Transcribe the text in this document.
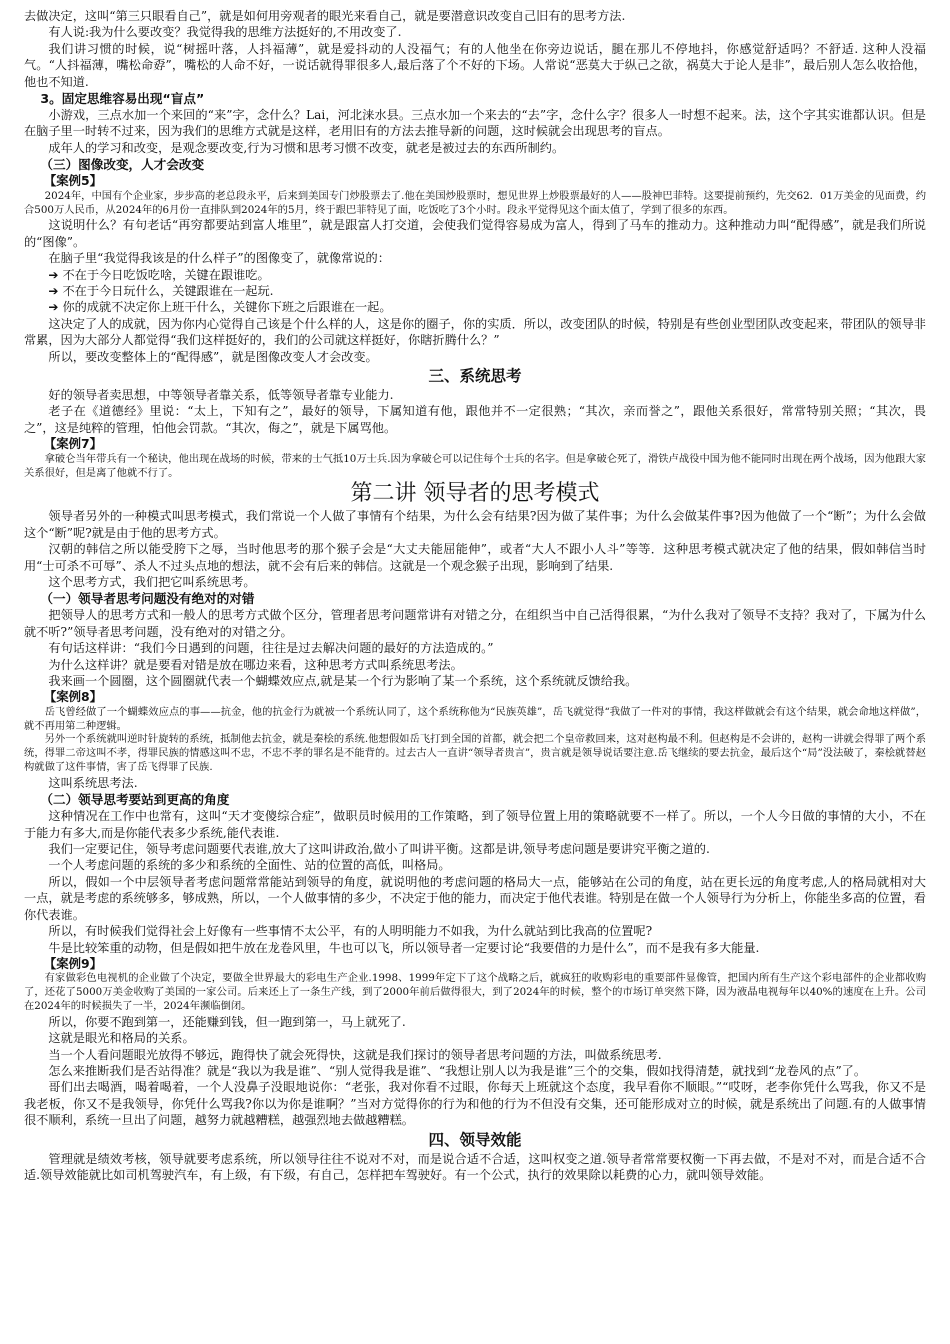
去做决定，这叫“第三只眼看自己”，就是如何用旁观者的眼光来看自己，就是要潜意识改变自己旧有的思考方法.

有人说:我为什么要改变？我觉得我的思维方法挺好的,不用改变了.

我们讲习惯的时候，说“树摇叶落，人抖福薄”，就是爱抖动的人没福气；有的人他坐在你旁边说话，腿在那儿不停地抖，你感觉舒适吗？不舒适. 这种人没福气。“人抖福薄，嘴松命孬”，嘴松的人命不好，一说话就得罪很多人,最后落了个不好的下场。人常说“恶莫大于纵己之欲，祸莫大于论人是非”，最后别人怎么收拾他，他也不知道.

3。固定思维容易出现“盲点”

小游戏，三点水加一个来回的“来”字，念什么？Lai，河北涞水县。三点水加一个来去的“去”字，念什么字？很多人一时想不起来。法，这个字其实谁都认识。但是在脑子里一时转不过来，因为我们的思维方式就是这样，老用旧有的方法去推导新的问题，这时候就会出现思考的盲点。

成年人的学习和改变，是观念要改变,行为习惯和思考习惯不改变，就老是被过去的东西所制约。

（三）图像改变，人才会改变

【案例5】

2024年，中国有个企业家，步步高的老总段永平，后来到美国专门炒股票去了.他在美国炒股票时，想见世界上炒股票最好的人——股神巴菲特。这要提前预约，先交62．01万美金的见面费，约合500万人民币，从2024年的6月份一直排队到2024年的5月，终于跟巴菲特见了面，吃饭吃了3个小时。段永平觉得见这个面太值了，学到了很多的东西。

这说明什么？有句老话“再穷都要站到富人堆里”，就是跟富人打交道，会使我们觉得容易成为富人，得到了马车的推动力。这种推动力叫“配得感”，就是我们所说的“图像”。

在脑子里“我觉得我该是的什么样子”的图像变了，就像常说的：

➔ 不在于今日吃饭吃啥，关键在跟谁吃。

➔ 不在于今日玩什么，关键跟谁在一起玩.

➔ 你的成就不决定你上班干什么，关键你下班之后跟谁在一起。

这决定了人的成就，因为你内心觉得自己该是个什么样的人，这是你的圈子，你的实质．所以，改变团队的时候，特别是有些创业型团队改变起来，带团队的领导非常累，因为大部分人都觉得“我们这样挺好的，我们的公司就这样挺好，你瞎折腾什么？”

所以，要改变整体上的“配得感”，就是图像改变人才会改变。

三、系统思考

好的领导者卖思想，中等领导者靠关系，低等领导者靠专业能力.

老子在《道德经》里说：“太上，下知有之”，最好的领导，下属知道有他，跟他并不一定很熟；“其次，亲而誉之”，跟他关系很好，常常特别关照；“其次，畏之”，这是纯粹的管理，怕他会罚款。“其次，侮之”，就是下属骂他。

【案例7】

拿破仑当年带兵有一个秘诀，他出现在战场的时候，带来的士气抵10万士兵.因为拿破仑可以记住每个士兵的名字。但是拿破仑死了，滑铁卢战役中国为他不能同时出现在两个战场，因为他跟大家关系很好，但是离了他就不行了。

第二讲 领导者的思考模式

领导者另外的一种模式叫思考模式，我们常说一个人做了事情有个结果，为什么会有结果?因为做了某件事；为什么会做某件事?因为他做了一个“断”；为什么会做这个“断”呢?就是由于他的思考方式。

汉朝的韩信之所以能受胯下之辱，当时他思考的那个猴子会是“大丈夫能屈能伸”，或者“大人不跟小人斗”等等．这种思考模式就决定了他的结果，假如韩信当时用“士可杀不可辱”、杀人不过头点地的想法，就不会有后来的韩信。这就是一个观念猴子出现，影响到了结果.

这个思考方式，我们把它叫系统思考。

（一）领导者思考问题没有绝对的对错

把领导人的思考方式和一般人的思考方式做个区分，管理者思考问题常讲有对错之分，在组织当中自己活得很累，“为什么我对了领导不支持？我对了，下属为什么就不听?”领导者思考问题，没有绝对的对错之分。

有句话这样讲：“我们今日遇到的问题，往往是过去解决问题的最好的方法造成的。”

为什么这样讲？就是要看对错是放在哪边来看，这种思考方式叫系统思考法。

我来画一个圆圈，这个圆圈就代表一个蝴蝶效应点,就是某一个行为影响了某一个系统，这个系统就反馈给我。

【案例8】

岳飞曾经做了一个蝴蝶效应点的事——抗金，他的抗金行为就被一个系统认同了，这个系统称他为“民族英雄”，岳飞就觉得“我做了一件对的事情，我这样做就会有这个结果，就会命地这样做”，就不再用第二种逻辑。

另外一个系统就叫逆时针旋转的系统，抵制他去抗金，就是秦桧的系统.他想假如岳飞打到全国的首都，就会把二个皇帝救回来，这对赵构最不利。但赵构是不会讲的，赵构一讲就会得罪了两个系统，得罪二帝这叫不孝，得罪民族的情感这叫不忠，不忠不孝的罪名是不能背的。过去古人一直讲“领导者贵言”，贵言就是领导说话要注意.岳飞继续的要去抗金，最后这个“局”没法破了，秦桧就替赵构就做了这件事情，害了岳飞得罪了民族.

这叫系统思考法.

（二）领导思考要站到更高的角度

这种情况在工作中也常有，这叫“天才变傻综合症”，做职员时候用的工作策略，到了领导位置上用的策略就要不一样了。所以，一个人今日做的事情的大小，不在于能力有多大,而是你能代表多少系统,能代表谁.

我们一定要记住，领导考虑问题要代表谁,放大了这叫讲政治,做小了叫讲平衡。这都是讲,领导考虑问题是要讲究平衡之道的.

一个人考虑问题的系统的多少和系统的全面性、站的位置的高低，叫格局。

所以，假如一个中层领导者考虑问题常常能站到领导的角度，就说明他的考虑问题的格局大一点，能够站在公司的角度，站在更长远的角度考虑,人的格局就相对大一点，就是考虑的系统够多，够成熟，所以，一个人做事情的多少，不决定于他的能力，而决定于他代表谁。特别是在做一个人领导行为分析上，你能坐多高的位置，看你代表谁。

所以，有时候我们觉得社会上好像有一些事情不太公平，有的人明明能力不如我，为什么就站到比我高的位置呢?

牛是比较笨重的动物，但是假如把牛放在龙卷风里，牛也可以飞，所以领导者一定要讨论“我要借的力是什么”，而不是我有多大能量.

【案例9】

有家做彩色电视机的企业做了个决定，要做全世界最大的彩电生产企业.1998、1999年定下了这个战略之后，就疯狂的收购彩电的重要部件显像管，把国内所有生产这个彩电部件的企业都收购了，还花了5000万美金收购了美国的一家公司。后来还上了一条生产线，到了2000年前后做得很大，到了2024年的时候，整个的市场订单突然下降，因为液晶电视每年以40%的速度在上升。公司在2024年的时候损失了一半，2024年濒临倒闭。

所以，你要不跑到第一，还能赚到钱，但一跑到第一，马上就死了.

这就是眼光和格局的关系。

当一个人看问题眼光放得不够远，跑得快了就会死得快，这就是我们探讨的领导者思考问题的方法，叫做系统思考.

怎么来推断我们是否站得准？就是“我以为我是谁”、“别人觉得我是谁”、“我想让别人以为我是谁”三个的交集，假如找得清楚，就找到“龙卷风的点”了。

哥们出去喝酒，喝着喝着，一个人没鼻子没眼地说你：“老张，我对你看不过眼，你每天上班就这个态度，我早看你不顺眼。”“哎呀，老李你凭什么骂我，你又不是我老板，你又不是我领导，你凭什么骂我?你以为你是谁啊？”当对方觉得你的行为和他的行为不但没有交集，还可能形成对立的时候，就是系统出了问题.有的人做事情很不顺利，系统一旦出了问题，越努力就越糟糕，越强烈地去做越糟糕。

四、领导效能

管理就是绩效考核，领导就要考虑系统，所以领导往往不说对不对，而是说合适不合适，这叫权变之道.领导者常常要权衡一下再去做，不是对不对，而是合适不合适.领导效能就比如司机驾驶汽车，有上级，有下级，有自己，怎样把车驾驶好。有一个公式，执行的效果除以耗费的心力，就叫领导效能。
